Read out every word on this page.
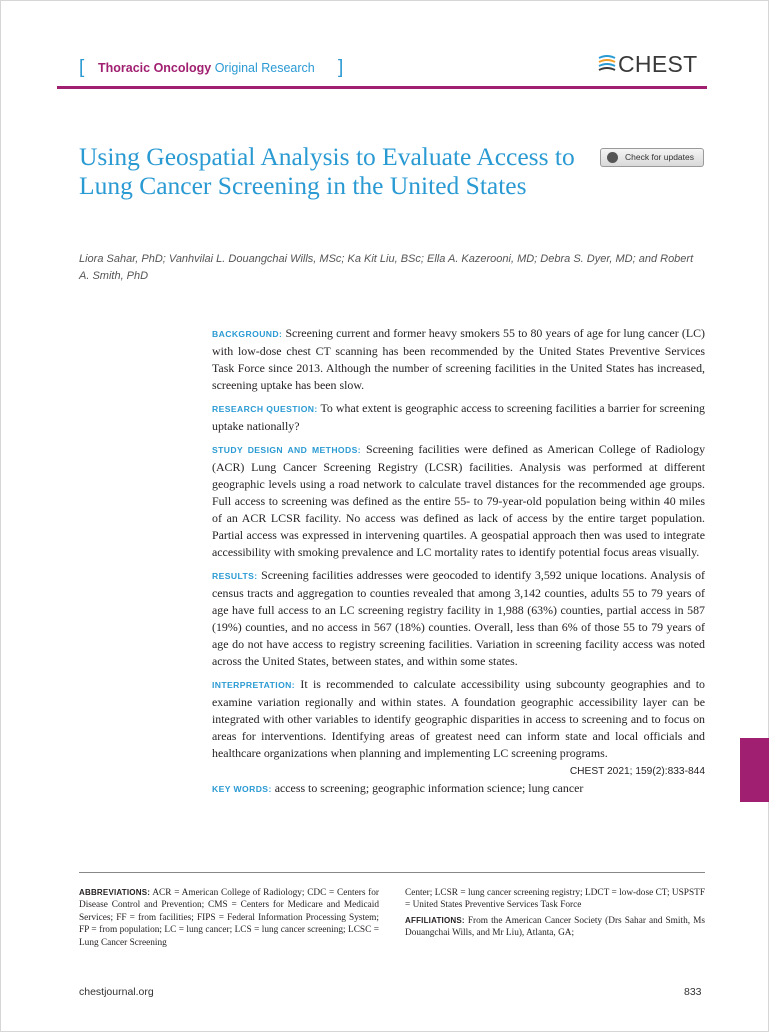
[ Thoracic Oncology Original Research ]	CHEST
Using Geospatial Analysis to Evaluate Access to Lung Cancer Screening in the United States
Check for updates
Liora Sahar, PhD; Vanhvilai L. Douangchai Wills, MSc; Ka Kit Liu, BSc; Ella A. Kazerooni, MD; Debra S. Dyer, MD; and Robert A. Smith, PhD

BACKGROUND: Screening current and former heavy smokers 55 to 80 years of age for lung cancer (LC) with low-dose chest CT scanning has been recommended by the United States Preventive Services Task Force since 2013. Although the number of screening facilities in the United States has increased, screening uptake has been slow.

RESEARCH QUESTION: To what extent is geographic access to screening facilities a barrier for screening uptake nationally?

STUDY DESIGN AND METHODS: Screening facilities were defined as American College of Radiology (ACR) Lung Cancer Screening Registry (LCSR) facilities. Analysis was performed at different geographic levels using a road network to calculate travel distances for the recommended age groups. Full access to screening was defined as the entire 55- to 79-year-old population being within 40 miles of an ACR LCSR facility. No access was defined as lack of access by the entire target population. Partial access was expressed in intervening quartiles. A geospatial approach then was used to integrate accessibility with smoking prevalence and LC mortality rates to identify potential focus areas visually.

RESULTS: Screening facilities addresses were geocoded to identify 3,592 unique locations. Analysis of census tracts and aggregation to counties revealed that among 3,142 counties, adults 55 to 79 years of age have full access to an LC screening registry facility in 1,988 (63%) counties, partial access in 587 (19%) counties, and no access in 567 (18%) counties. Overall, less than 6% of those 55 to 79 years of age do not have access to registry screening facilities. Variation in screening facility access was noted across the United States, between states, and within some states.

INTERPRETATION: It is recommended to calculate accessibility using subcounty geographies and to examine variation regionally and within states. A foundation geographic accessibility layer can be integrated with other variables to identify geographic disparities in access to screening and to focus on areas for interventions. Identifying areas of greatest need can inform state and local officials and healthcare organizations when planning and implementing LC screening programs.
CHEST 2021; 159(2):833-844

KEY WORDS: access to screening; geographic information science; lung cancer

ABBREVIATIONS: ACR = American College of Radiology; CDC = Centers for Disease Control and Prevention; CMS = Centers for Medicare and Medicaid Services; FF = from facilities; FIPS = Federal Information Processing System; FP = from population; LC = lung cancer; LCS = lung cancer screening; LCSC = Lung Cancer Screening

Center; LCSR = lung cancer screening registry; LDCT = low-dose CT; USPSTF = United States Preventive Services Task Force

AFFILIATIONS: From the American Cancer Society (Drs Sahar and Smith, Ms Douangchai Wills, and Mr Liu), Atlanta, GA;

chestjournal.org	833
